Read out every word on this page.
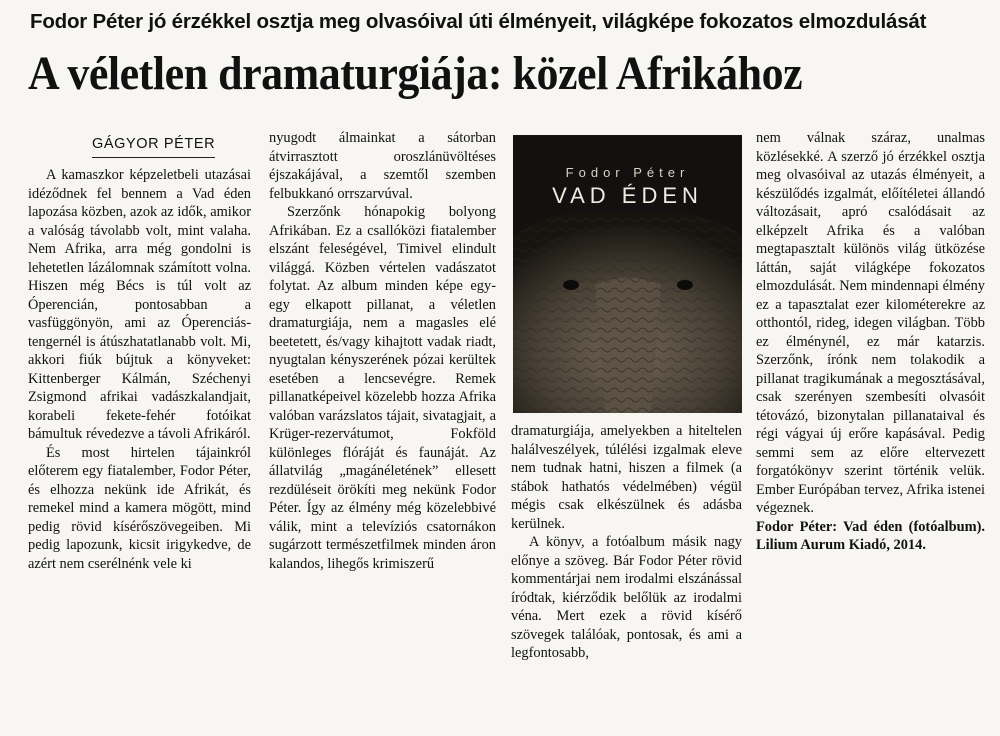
Fodor Péter jó érzékkel osztja meg olvasóival úti élményeit, világképe fokozatos elmozdulását
A véletlen dramaturgiája: közel Afrikához
GÁGYOR PÉTER

A kamaszkor képzeletbeli utazásai idéződnek fel bennem a Vad éden lapozása közben, azok az idők, amikor a valóság távolabb volt, mint valaha. Nem Afrika, arra még gondolni is lehetetlen lázálomnak számított volna. Hiszen még Bécs is túl volt az Óperencián, pontosabban a vasfüggönyön, ami az Óperenciás-tengernél is átúszhatatlanabb volt. Mi, akkori fiúk bújtuk a könyveket: Kittenberger Kálmán, Széchenyi Zsigmond afrikai vadászkalandjait, korabeli fekete-fehér fotóikat bámultuk révedezve a távoli Afrikáról.

És most hirtelen tájainkról előterem egy fiatalember, Fodor Péter, és elhozza nekünk ide Afrikát, és remekel mind a kamera mögött, mind pedig rövid kísérőszövegeiben. Mi pedig lapozunk, kicsit irigykedve, de azért nem cserélnénk vele ki

nyugodt álmainkat a sátorban átvirrasztott oroszlánüvöltéses éjszakájával, a szemtől szemben felbukkanó orrszarvúval.

Szerzőnk hónapokig bolyong Afrikában. Ez a csallóközi fiatalember elszánt feleségével, Timivel elindult világgá. Közben vértelen vadászatot folytat. Az album minden képe egy-egy elkapott pillanat, a véletlen dramaturgiája, nem a magasles elé beetetett, és/vagy kihajtott vadak riadt, nyugtalan kényszerének pózai kerültek esetében a lencsevégre. Remek pillanatképeivel közelebb hozza Afrika valóban varázslatos tájait, sivatagjait, a Krüger-rezervátumot, Fokföld különleges flóráját és faunáját. Az állatvilág „magánéletének” ellesett rezdüléseit örökíti meg nekünk Fodor Péter. Így az élmény még közelebbivé válik, mint a televíziós csatornákon sugárzott természetfilmek minden áron kalandos, lihegős krimiszerű

Fodor Péter
VAD ÉDEN

dramaturgiája, amelyekben a hiteltelen halálveszélyek, túlélési izgalmak eleve nem tudnak hatni, hiszen a filmek (a stábok hathatós védelmében) végül mégis csak elkészülnek és adásba kerülnek.

A könyv, a fotóalbum másik nagy előnye a szöveg. Bár Fodor Péter rövid kommentárjai nem irodalmi elszánással íródtak, kiérződik belőlük az irodalmi véna. Mert ezek a rövid kísérő szövegek találóak, pontosak, és ami a legfontosabb,

nem válnak száraz, unalmas közlésekké. A szerző jó érzékkel osztja meg olvasóival az utazás élményeit, a készülődés izgalmát, előítéletei állandó változásait, apró csalódásait az elképzelt Afrika és a valóban megtapasztalt különös világ ütközése láttán, saját világképe fokozatos elmozdulását. Nem mindennapi élmény ez a tapasztalat ezer kilométerekre az otthontól, rideg, idegen világban. Több ez élménynél, ez már katarzis. Szerzőnk, írónk nem tolakodik a pillanat tragikumának a megosztásával, csak szerényen szembesíti olvasóit tétovázó, bizonytalan pillanataival és régi vágyai új erőre kapásával. Pedig semmi sem az előre eltervezett forgatókönyv szerint történik velük. Ember Európában tervez, Afrika istenei végeznek.

Fodor Péter: Vad éden (fotóalbum). Lilium Aurum Kiadó, 2014.
